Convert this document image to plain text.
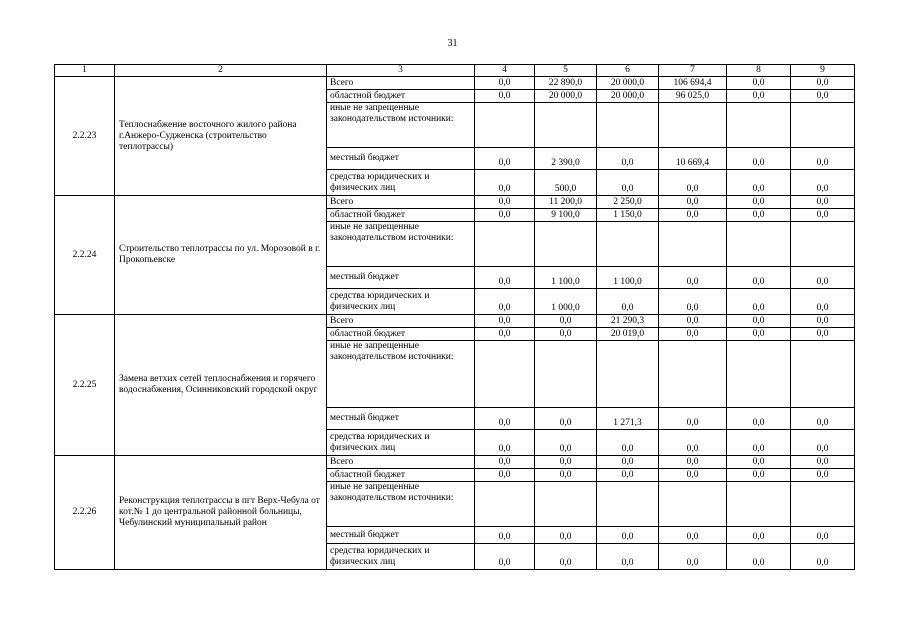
31
1	2	3	4	5	6	7	8	9
2.2.23	Теплоснабжение восточного жилого района г.Анжеро-Судженска (строительство теплотрассы)	Всего	0,0	22 890,0	20 000,0	106 694,4	0,0	0,0
		областной бюджет	0,0	20 000,0	20 000,0	96 025,0	0,0	0,0
		иные не запрещенные законодательством источники:						
		местный бюджет	0,0	2 390,0	0,0	10 669,4	0,0	0,0
		средства юридических и физических лиц	0,0	500,0	0,0	0,0	0,0	0,0
2.2.24	Строительство теплотрассы по ул. Морозовой в г. Прокопьевске	Всего	0,0	11 200,0	2 250,0	0,0	0,0	0,0
		областной бюджет	0,0	9 100,0	1 150,0	0,0	0,0	0,0
		иные не запрещенные законодательством источники:						
		местный бюджет	0,0	1 100,0	1 100,0	0,0	0,0	0,0
		средства юридических и физических лиц	0,0	1 000,0	0,0	0,0	0,0	0,0
2.2.25	Замена ветхих сетей теплоснабжения и горячего водоснабжения, Осинниковский городской округ	Всего	0,0	0,0	21 290,3	0,0	0,0	0,0
		областной бюджет	0,0	0,0	20 019,0	0,0	0,0	0,0
		иные не запрещенные законодательством источники:						
		местный бюджет	0,0	0,0	1 271,3	0,0	0,0	0,0
		средства юридических и физических лиц	0,0	0,0	0,0	0,0	0,0	0,0
2.2.26	Реконструкция теплотрассы в пгт Верх-Чебула от кот.№ 1 до центральной районной больницы, Чебулинский муниципальный район	Всего	0,0	0,0	0,0	0,0	0,0	0,0
		областной бюджет	0,0	0,0	0,0	0,0	0,0	0,0
		иные не запрещенные законодательством источники:						
		местный бюджет	0,0	0,0	0,0	0,0	0,0	0,0
		средства юридических и физических лиц	0,0	0,0	0,0	0,0	0,0	0,0
